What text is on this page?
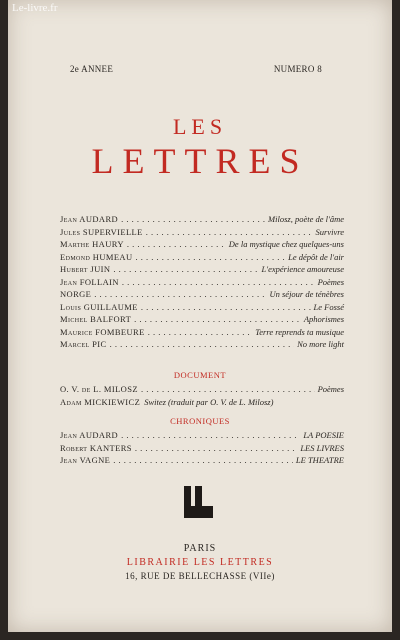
Le-livre.fr
2e ANNEE	NUMERO 8
LES
LETTRES
Jean AUDARD . . .	Milosz, poète de l'âme
Jules SUPERVIELLE . . .	Survivre
Marthe HAURY . . .	De la mystique chez quelques-uns
Edmond HUMEAU . . .	Le dépôt de l'air
Hubert JUIN . . .	L'expérience amoureuse
Jean FOLLAIN . . .	Poèmes
NORGE . . .	Un séjour de ténèbres
Louis GUILLAUME . . .	Le Fossé
Michel BALFORT . . .	Aphorismes
Maurice FOMBEURE . . .	Terre reprends ta musique
Marcel PIC . . .	No more light
DOCUMENT
O. V. de L. MILOSZ . . .	Poèmes
Adam MICKIEWICZ Switez (traduit par O. V. de L. Milosz)
CHRONIQUES
Jean AUDARD . . .	LA POESIE
Robert KANTERS . . .	LES LIVRES
Jean VAGNE . . .	LE THEATRE
PARIS
LIBRAIRIE LES LETTRES
16, RUE DE BELLECHASSE (VIIe)
